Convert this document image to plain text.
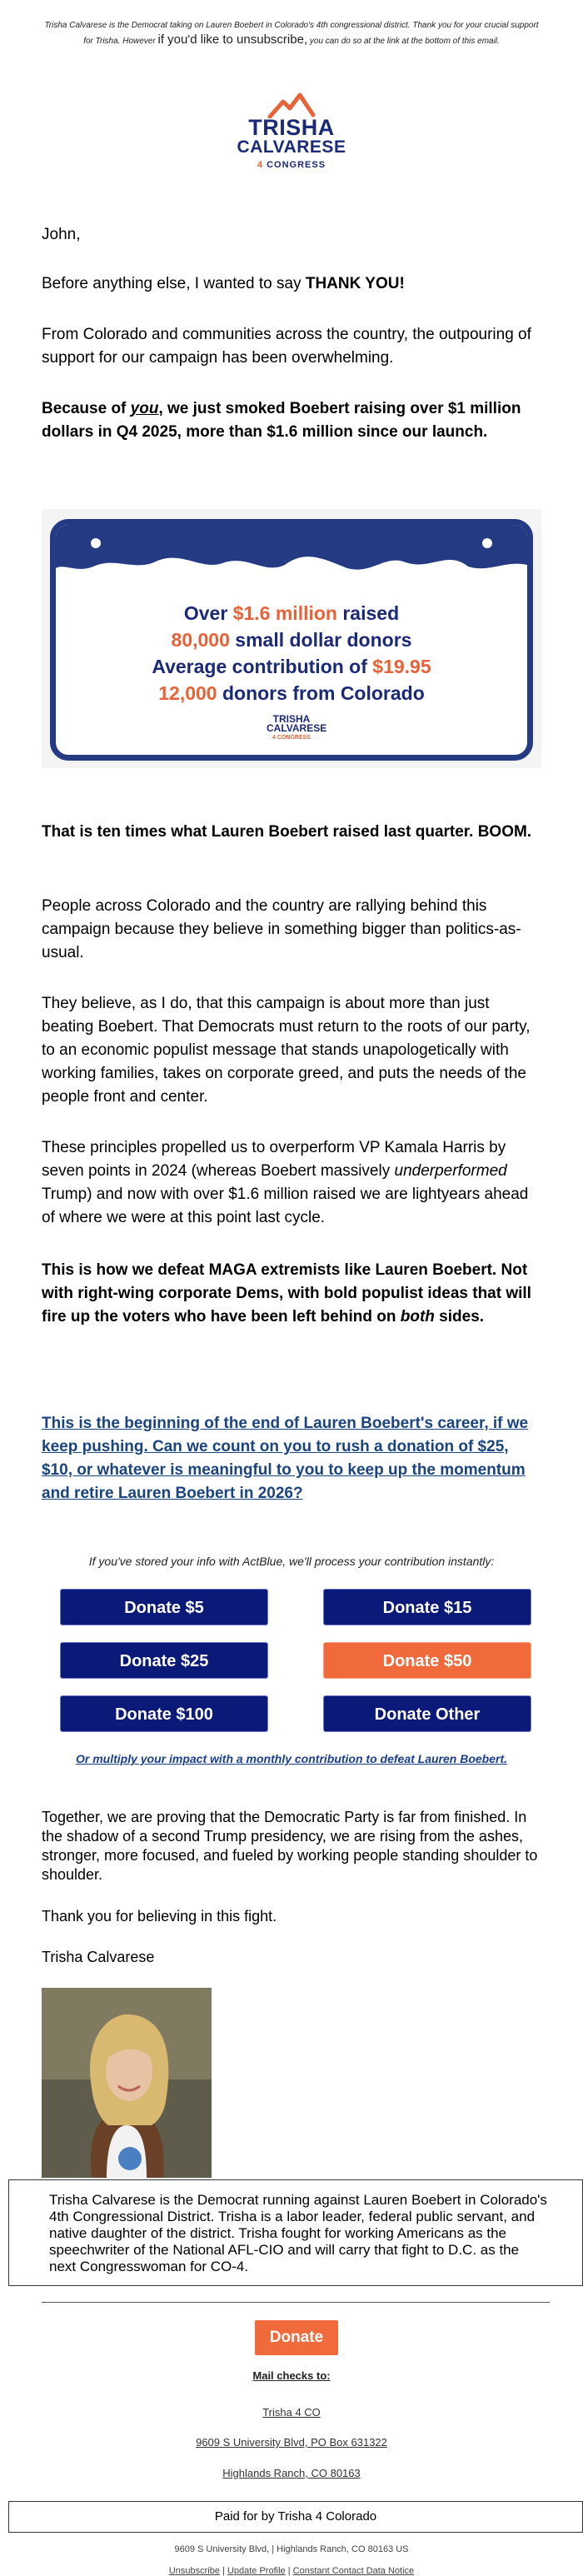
Trisha Calvarese is the Democrat taking on Lauren Boebert in Colorado's 4th congressional district. Thank you for your crucial support
for Trisha. However if you'd like to unsubscribe, you can do so at the link at the bottom of this email.
TRISHA
CALVARESE
4 CONGRESS
John,
Before anything else, I wanted to say THANK YOU!
From Colorado and communities across the country, the outpouring of support for our campaign has been overwhelming.
Because of you, we just smoked Boebert raising over $1 million dollars in Q4 2025, more than $1.6 million since our launch.
Over $1.6 million raised
80,000 small dollar donors
Average contribution of $19.95
12,000 donors from Colorado
TRISHA
CALVARESE
4 CONGRESS
That is ten times what Lauren Boebert raised last quarter. BOOM.
People across Colorado and the country are rallying behind this campaign because they believe in something bigger than politics-as-usual.
They believe, as I do, that this campaign is about more than just beating Boebert. That Democrats must return to the roots of our party, to an economic populist message that stands unapologetically with working families, takes on corporate greed, and puts the needs of the people front and center.
These principles propelled us to overperform VP Kamala Harris by seven points in 2024 (whereas Boebert massively underperformed Trump) and now with over $1.6 million raised we are lightyears ahead of where we were at this point last cycle.
This is how we defeat MAGA extremists like Lauren Boebert. Not with right-wing corporate Dems, with bold populist ideas that will fire up the voters who have been left behind on both sides.
This is the beginning of the end of Lauren Boebert's career, if we keep pushing. Can we count on you to rush a donation of $25, $10, or whatever is meaningful to you to keep up the momentum and retire Lauren Boebert in 2026?
If you've stored your info with ActBlue, we'll process your contribution instantly:
Donate $5	Donate $15
Donate $25	Donate $50
Donate $100	Donate Other
Or multiply your impact with a monthly contribution to defeat Lauren Boebert.
Together, we are proving that the Democratic Party is far from finished. In the shadow of a second Trump presidency, we are rising from the ashes, stronger, more focused, and fueled by working people standing shoulder to shoulder.
Thank you for believing in this fight.
Trisha Calvarese
Trisha Calvarese is the Democrat running against Lauren Boebert in Colorado's 4th Congressional District. Trisha is a labor leader, federal public servant, and native daughter of the district. Trisha fought for working Americans as the speechwriter of the National AFL-CIO and will carry that fight to D.C. as the next Congresswoman for CO-4.
Donate
Mail checks to:
Trisha 4 CO
9609 S University Blvd, PO Box 631322
Highlands Ranch, CO 80163
Paid for by Trisha 4 Colorado
9609 S University Blvd, | Highlands Ranch, CO 80163 US
Unsubscribe | Update Profile | Constant Contact Data Notice
